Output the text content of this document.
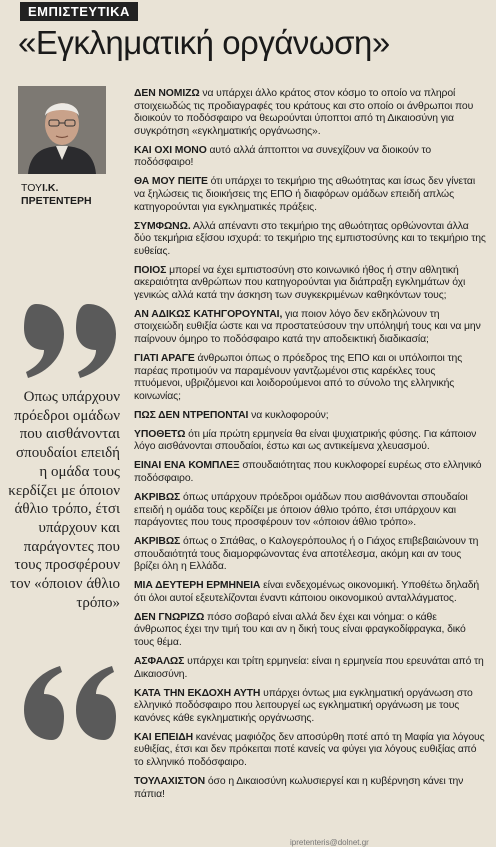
ΕΜΠΙΣΤΕΥΤΙΚΑ
«Εγκληματική οργάνωση»
ΤΟΥΙ.Κ.
ΠΡΕΤΕΝΤΕΡΗ
Οπως υπάρχουν πρόεδροι ομάδων που αισθάνονται σπουδαίοι επειδή η ομάδα τους κερδίζει με όποιον άθλιο τρόπο, έτσι υπάρχουν και παράγοντες που τους προσφέρουν τον «όποιον άθλιο τρόπο»

ΔΕΝ ΝΟΜΙΖΩ να υπάρχει άλλο κράτος στον κόσμο το οποίο να πληροί στοιχειωδώς τις προδιαγραφές του κράτους και στο οποίο οι άνθρωποι που διοικούν το ποδόσφαιρο να θεωρούνται ύποπτοι από τη Δικαιοσύνη για συγκρότηση «εγκληματικής οργάνωσης».

ΚΑΙ ΟΧΙ ΜΟΝΟ αυτό αλλά άπτοπτοι να συνεχίζουν να διοικούν το ποδόσφαιρο!

ΘΑ ΜΟΥ ΠΕΙΤΕ ότι υπάρχει το τεκμήριο της αθωότητας και ίσως δεν γίνεται να ξηλώσεις τις διοικήσεις της ΕΠΟ ή διαφόρων ομάδων επειδή απλώς κατηγορούνται για εγκληματικές πράξεις.

ΣΥΜΦΩΝΩ. Αλλά απέναντι στο τεκμήριο της αθωότητας ορθώνονται άλλα δύο τεκμήρια εξίσου ισχυρά: το τεκμήριο της εμπιστοσύνης και το τεκμήριο της ευθείας.

ΠΟΙΟΣ μπορεί να έχει εμπιστοσύνη στο κοινωνικό ήθος ή στην αθλητική ακεραιότητα ανθρώπων που κατηγορούνται για διάπραξη εγκλημάτων όχι γενικώς αλλά κατά την άσκηση των συγκεκριμένων καθηκόντων τους;

ΑΝ ΑΔΙΚΩΣ ΚΑΤΗΓΟΡΟΥΝΤΑΙ, για ποιον λόγο δεν εκδηλώνουν τη στοιχειώδη ευθιξία ώστε και να προστατεύσουν την υπόληψή τους και να μην παίρνουν όμηρο το ποδόσφαιρο κατά την αποδεικτική διαδικασία;

ΓΙΑΤΙ ΑΡΑΓΕ άνθρωποι όπως ο πρόεδρος της ΕΠΟ και οι υπόλοιποι της παρέας προτιμούν να παραμένουν γαντζωμένοι στις καρέκλες τους πτυόμενοι, υβριζόμενοι και λοιδορούμενοι από το σύνολο της ελληνικής κοινωνίας;

ΠΩΣ ΔΕΝ ΝΤΡΕΠΟΝΤΑΙ να κυκλοφορούν;

ΥΠΟΘΕΤΩ ότι μία πρώτη ερμηνεία θα είναι ψυχιατρικής φύσης. Για κάποιον λόγο αισθάνονται σπουδαίοι, έστω και ως αντικείμενα χλευασμού.

ΕΙΝΑΙ ΕΝΑ ΚΟΜΠΛΕΞ σπουδαιότητας που κυκλοφορεί ευρέως στο ελληνικό ποδόσφαιρο.

ΑΚΡΙΒΩΣ όπως υπάρχουν πρόεδροι ομάδων που αισθάνονται σπουδαίοι επειδή η ομάδα τους κερδίζει με όποιον άθλιο τρόπο, έτσι υπάρχουν και παράγοντες που τους προσφέρουν τον «όποιον άθλιο τρόπο».

ΑΚΡΙΒΩΣ όπως ο Σπάθας, ο Καλογερόπουλος ή ο Γιάχος επιβεβαιώνουν τη σπουδαιότητά τους διαμορφώνοντας ένα αποτέλεσμα, ακόμη και αν τους βρίζει όλη η Ελλάδα.

ΜΙΑ ΔΕΥΤΕΡΗ ΕΡΜΗΝΕΙΑ είναι ενδεχομένως οικονομική. Υποθέτω δηλαδή ότι όλοι αυτοί εξευτελίζονται έναντι κάποιου οικονομικού ανταλλάγματος.

ΔΕΝ ΓΝΩΡΙΖΩ πόσο σοβαρό είναι αλλά δεν έχει και νόημα: ο κάθε άνθρωπος έχει την τιμή του και αν η δική τους είναι φραγκοδίφραγκα, δικό τους θέμα.

ΑΣΦΑΛΩΣ υπάρχει και τρίτη ερμηνεία: είναι η ερμηνεία που ερευνάται από τη Δικαιοσύνη.

ΚΑΤΑ ΤΗΝ ΕΚΔΟΧΗ ΑΥΤΗ υπάρχει όντως μια εγκληματική οργάνωση στο ελληνικό ποδόσφαιρο που λειτουργεί ως εγκληματική οργάνωση με τους κανόνες κάθε εγκληματικής οργάνωσης.

ΚΑΙ ΕΠΕΙΔΗ κανένας μαφιόζος δεν αποσύρθη ποτέ από τη Μαφία για λόγους ευθιξίας, έτσι και δεν πρόκειται ποτέ κανείς να φύγει για λόγους ευθιξίας από το ελληνικό ποδόσφαιρο.

ΤΟΥΛΑΧΙΣΤΟΝ όσο η Δικαιοσύνη κωλυσιεργεί και η κυβέρνηση κάνει την πάπια!

ipretenteris@dolnet.gr
